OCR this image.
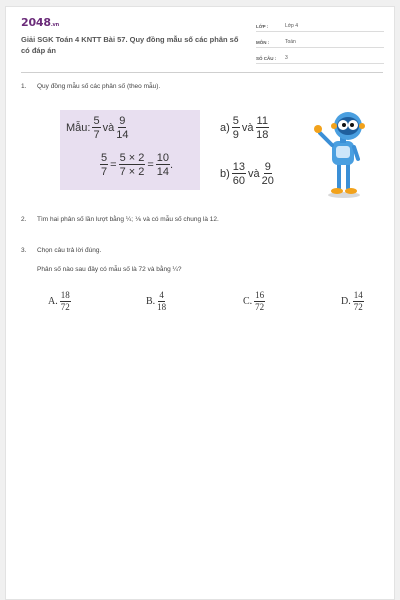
2048.vn
Giải SGK Toán 4 KNTT Bài 57. Quy đồng mẫu số các phân số có đáp án
LỚP :	Lớp 4
MÔN :	Toán
SỐ CÂU :	3
1. Quy đồng mẫu số các phân số (theo mẫu).
Mẫu: $\frac{5}{7}$ và $\frac{9}{14}$
$\frac{5}{7} = \frac{5 \times 2}{7 \times 2} = \frac{10}{14}$ .
$a) \frac{5}{9}$ và $\frac{11}{18}$
$b) \frac{13}{60}$ và $\frac{9}{20}$
2. Tìm hai phân số lần lượt bằng ¼; ⅙ và có mẫu số chung là 12.
3. Chọn câu trả lời đúng.
Phân số nào sau đây có mẫu số là 72 và bằng ¼?
A. $\frac{18}{72}$	B. $\frac{4}{18}$	C. $\frac{16}{72}$	D. $\frac{14}{72}$
